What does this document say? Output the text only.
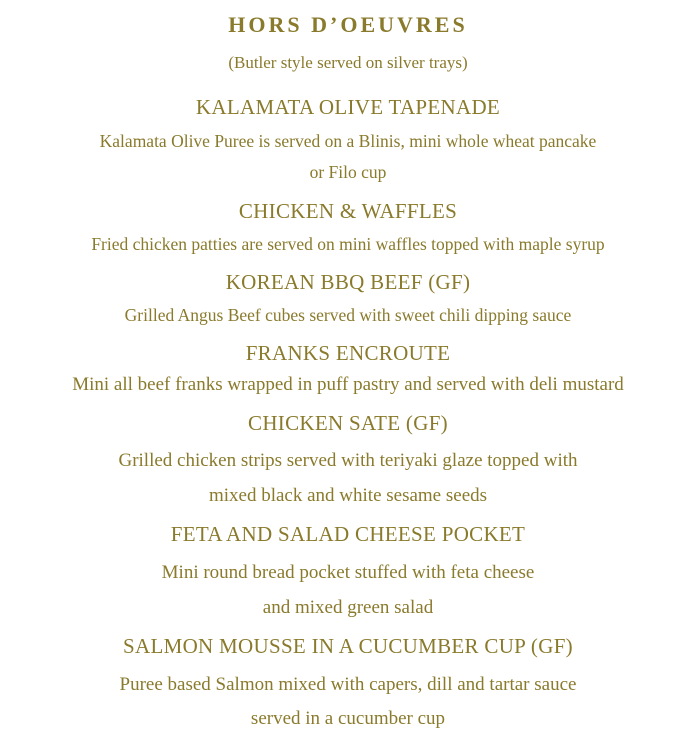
HORS D’OEUVRES
(Butler style served on silver trays)
KALAMATA OLIVE TAPENADE
Kalamata Olive Puree is served on a Blinis, mini whole wheat pancake
or Filo cup
CHICKEN & WAFFLES
Fried chicken patties are served on mini waffles topped with maple syrup
KOREAN BBQ BEEF (GF)
Grilled Angus Beef cubes served with sweet chili dipping sauce
FRANKS ENCROUTE
Mini all beef franks wrapped in puff pastry and served with deli mustard
CHICKEN SATE (GF)
Grilled chicken strips served with teriyaki glaze topped with
mixed black and white sesame seeds
FETA AND SALAD CHEESE POCKET
Mini round bread pocket stuffed with feta cheese
and mixed green salad
SALMON MOUSSE IN A CUCUMBER CUP (GF)
Puree based Salmon mixed with capers, dill and tartar sauce
served in a cucumber cup
